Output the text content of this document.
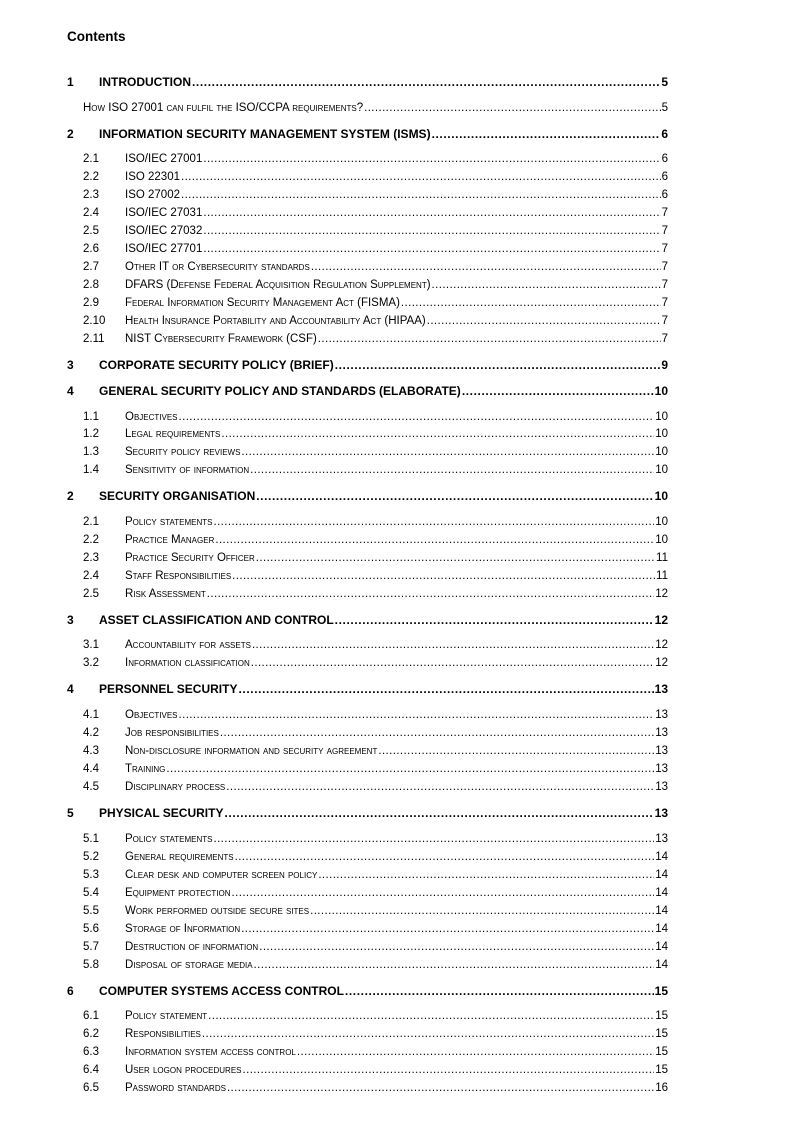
Contents
1	INTRODUCTION .....	5
How ISO 27001 can fulfil the ISO/CCPA requirements? .....	5
2	INFORMATION SECURITY MANAGEMENT SYSTEM (ISMS) .....	6
2.1	ISO/IEC 27001 .....	6
2.2	ISO 22301 .....	6
2.3	ISO 27002 .....	6
2.4	ISO/IEC 27031 .....	7
2.5	ISO/IEC 27032 .....	7
2.6	ISO/IEC 27701 .....	7
2.7	Other IT or Cybersecurity standards .....	7
2.8	DFARS (Defense Federal Acquisition Regulation Supplement) .....	7
2.9	Federal Information Security Management Act (FISMA) .....	7
2.10	Health Insurance Portability and Accountability Act (HIPAA) .....	7
2.11	NIST Cybersecurity Framework (CSF) .....	7
3	CORPORATE SECURITY POLICY (BRIEF) .....	9
4	GENERAL SECURITY POLICY AND STANDARDS (ELABORATE) .....	10
1.1	Objectives .....	10
1.2	Legal requirements .....	10
1.3	Security policy reviews .....	10
1.4	Sensitivity of information .....	10
2	SECURITY ORGANISATION .....	10
2.1	Policy statements .....	10
2.2	Practice Manager .....	10
2.3	Practice Security Officer .....	11
2.4	Staff Responsibilities .....	11
2.5	Risk Assessment .....	12
3	ASSET CLASSIFICATION AND CONTROL .....	12
3.1	Accountability for assets .....	12
3.2	Information classification .....	12
4	PERSONNEL SECURITY .....	13
4.1	Objectives .....	13
4.2	Job responsibilities .....	13
4.3	Non-disclosure information and security agreement .....	13
4.4	Training .....	13
4.5	Disciplinary process .....	13
5	PHYSICAL SECURITY .....	13
5.1	Policy statements .....	13
5.2	General requirements .....	14
5.3	Clear desk and computer screen policy .....	14
5.4	Equipment protection .....	14
5.5	Work performed outside secure sites .....	14
5.6	Storage of Information .....	14
5.7	Destruction of information .....	14
5.8	Disposal of storage media .....	14
6	COMPUTER SYSTEMS ACCESS CONTROL .....	15
6.1	Policy statement .....	15
6.2	Responsibilities .....	15
6.3	Information system access control .....	15
6.4	User logon procedures .....	15
6.5	Password standards .....	16
